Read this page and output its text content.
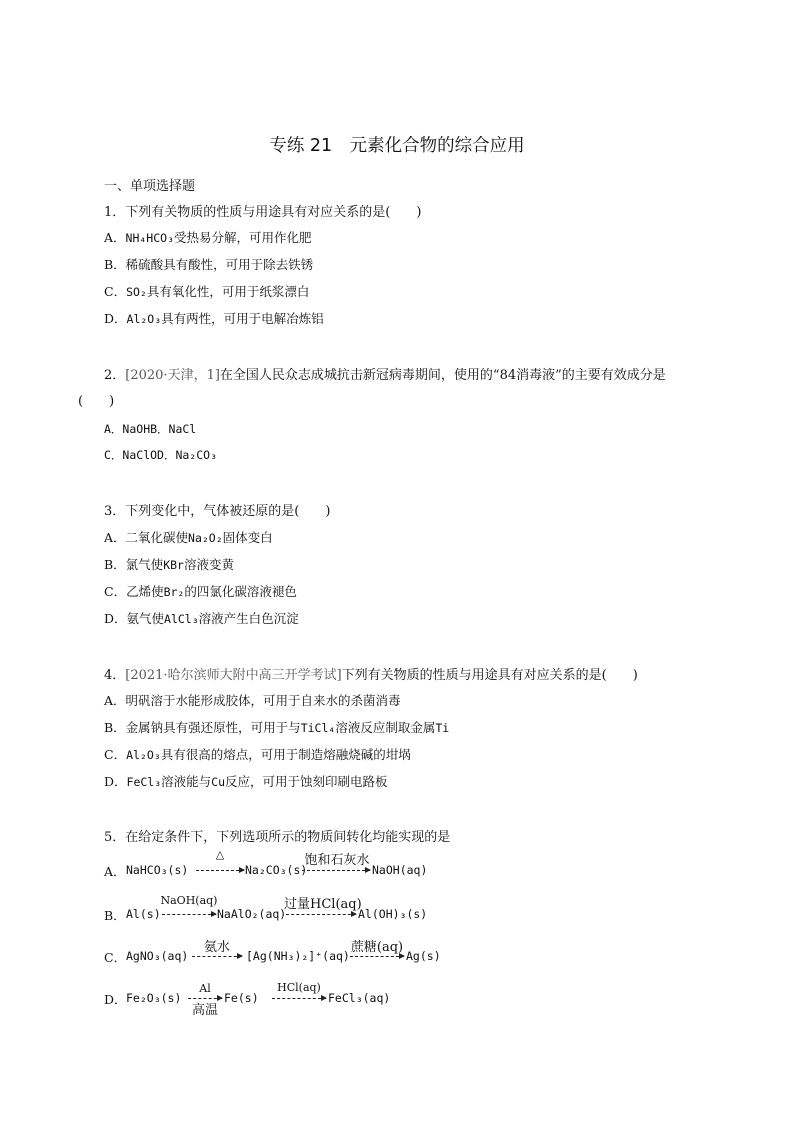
专练 21　元素化合物的综合应用
一、单项选择题
1．下列有关物质的性质与用途具有对应关系的是(　　)
A．NH₄HCO₃受热易分解，可用作化肥
B．稀硫酸具有酸性，可用于除去铁锈
C．SO₂具有氧化性，可用于纸浆漂白
D．Al₂O₃具有两性，可用于电解冶炼铝
2．[2020·天津，1]在全国人民众志成城抗击新冠病毒期间，使用的“84消毒液”的主要有效成分是
(　　)
A．NaOHB．NaCl
C．NaClOD．Na₂CO₃
3．下列变化中，气体被还原的是(　　)
A．二氧化碳使Na₂O₂固体变白
B．氯气使KBr溶液变黄
C．乙烯使Br₂的四氯化碳溶液褪色
D．氨气使AlCl₃溶液产生白色沉淀
4．[2021·哈尔滨师大附中高三开学考试]下列有关物质的性质与用途具有对应关系的是(　　)
A．明矾溶于水能形成胶体，可用于自来水的杀菌消毒
B．金属钠具有强还原性，可用于与TiCl₄溶液反应制取金属Ti
C．Al₂O₃具有很高的熔点，可用于制造熔融烧碱的坩埚
D．FeCl₃溶液能与Cu反应，可用于蚀刻印刷电路板
5．在给定条件下，下列选项所示的物质间转化均能实现的是
A． NaHCO₃(s)
△
→ Na₂CO₃(s)
饱和石灰水
NaOH(aq)
B． Al(s)
NaOH(aq)
→ NaAlO₂(aq)
过量HCl(aq)
Al(OH)₃(s)
C． AgNO₃(aq)
氨水
→ [Ag(NH₃)₂]⁺(aq)
蔗糖(aq)
→ Ag(s)
D． Fe₂O₃(s)
Al
高温
Fe(s)
HCl(aq)
→ FeCl₃(aq)
